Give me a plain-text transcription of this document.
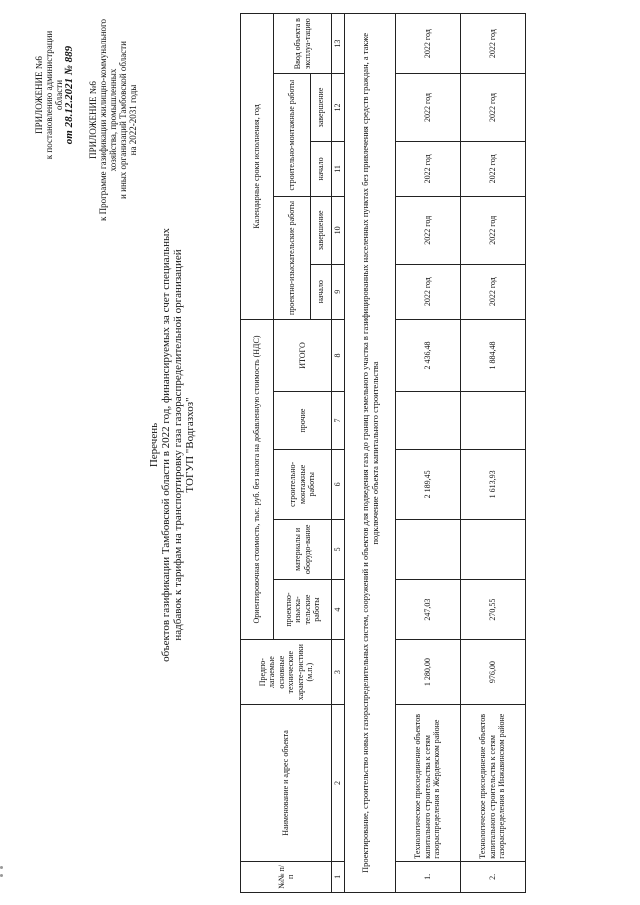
ПРИЛОЖЕНИЕ №6 к постановлению администрации области от 28.12.2021 № 889 ПРИЛОЖЕНИЕ №6 к Программе газификации жилищно-коммунального хозяйства, промышленных и иных организаций Тамбовской области на 2022-2031 годы
Перечень объектов газификации Тамбовской области в 2022 год, финансируемых за счет специальных надбавок к тарифам на транспортировку газа газораспределительной организацией ТОГУП "Водгазхоз"
№№ п/п	Наименование и адрес объекта	Предпо-лагаемые основные технические характе-ристики (м.п.)	Ориентировочная стоимость, тыс. руб. без налога на добавленную стоимость (НДС)					Календарные сроки исполнения, год				
			проектно-изыска-тельские работы	материалы и оборудо-вание	строительно-монтажные работы	прочие	ИТОГО	проектно-изыскательские работы		строительно-монтажные работы		Ввод объекта в эксплуа-тацию
								начало	завершение	начало	завершение	
1	2	3	4	5	6	7	8	9	10	11	12	13
Проектирование, строительство новых газораспределительных систем, сооружений и объектов для подведения газа до границ земельного участка в газифицированных населенных пунктах без привлечения средств граждан, а также подключение объекта капитального строительства												
1.	Технологическое присоединение объектов капитального строительства к сетям газораспределения в Жердевском районе	1 280,00	247,03		2 189,45		2 436,48	2022 год	2022 год	2022 год	2022 год	2022 год
2.	Технологическое присоединение объектов капитального строительства к сетям газораспределения в Инжавинском районе	976,00	270,55		1 613,93		1 884,48	2022 год	2022 год	2022 год	2022 год	2022 год
